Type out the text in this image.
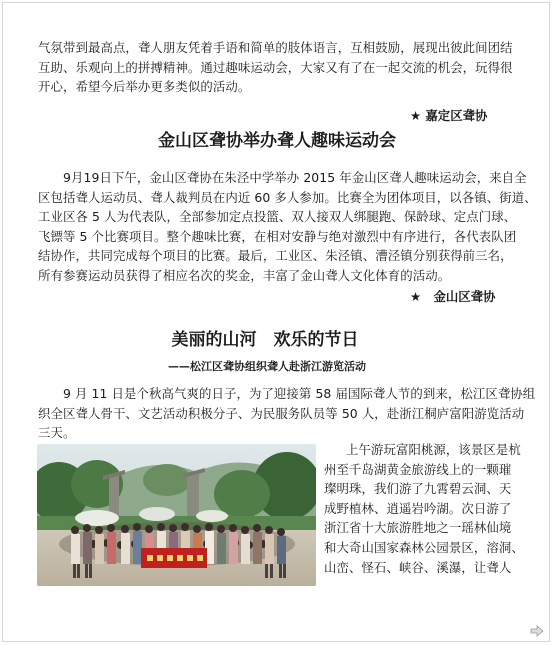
气氛带到最高点，聋人朋友凭着手语和简单的肢体语言，互相鼓励，展现出彼此间团结
互助、乐观向上的拼搏精神。通过趣味运动会，大家又有了在一起交流的机会，玩得很
开心，希望今后举办更多类似的活动。
★ 嘉定区聋协
金山区聋协举办聋人趣味运动会
9月19日下午，金山区聋协在朱泾中学举办 2015 年金山区聋人趣味运动会，来自全
区包括聋人运动员、聋人裁判员在内近 60 多人参加。比赛全为团体项目，以各镇、街道、
工业区各 5 人为代表队，全部参加定点投篮、双人接双人绑腿跑、保龄球、定点门球、
飞镖等 5 个比赛项目。整个趣味比赛，在相对安静与绝对激烈中有序进行，各代表队团
结协作，共同完成每个项目的比赛。最后，工业区、朱泾镇、漕泾镇分别获得前三名，
所有参赛运动员获得了相应名次的奖金，丰富了金山聋人文化体育的活动。
★　金山区聋协
美丽的山河　欢乐的节日
——松江区聋协组织聋人赴浙江游览活动
9 月 11 日是个秋高气爽的日子，为了迎接第 58 届国际聋人节的到来，松江区聋协组
织全区聋人骨干、文艺活动积极分子、为民服务队员等 50 人，赴浙江桐庐富阳游览活动
三天。
上午游玩富阳桃源，该景区是杭
州至千岛湖黄金旅游线上的一颗璀
璨明珠，我们游了九霄碧云洞、天
成野植林、逍遥岩吟湖。次日游了
浙江省十大旅游胜地之一瑶林仙境
和大奇山国家森林公园景区，溶洞、
山峦、怪石、峡谷、溪瀑，让聋人
